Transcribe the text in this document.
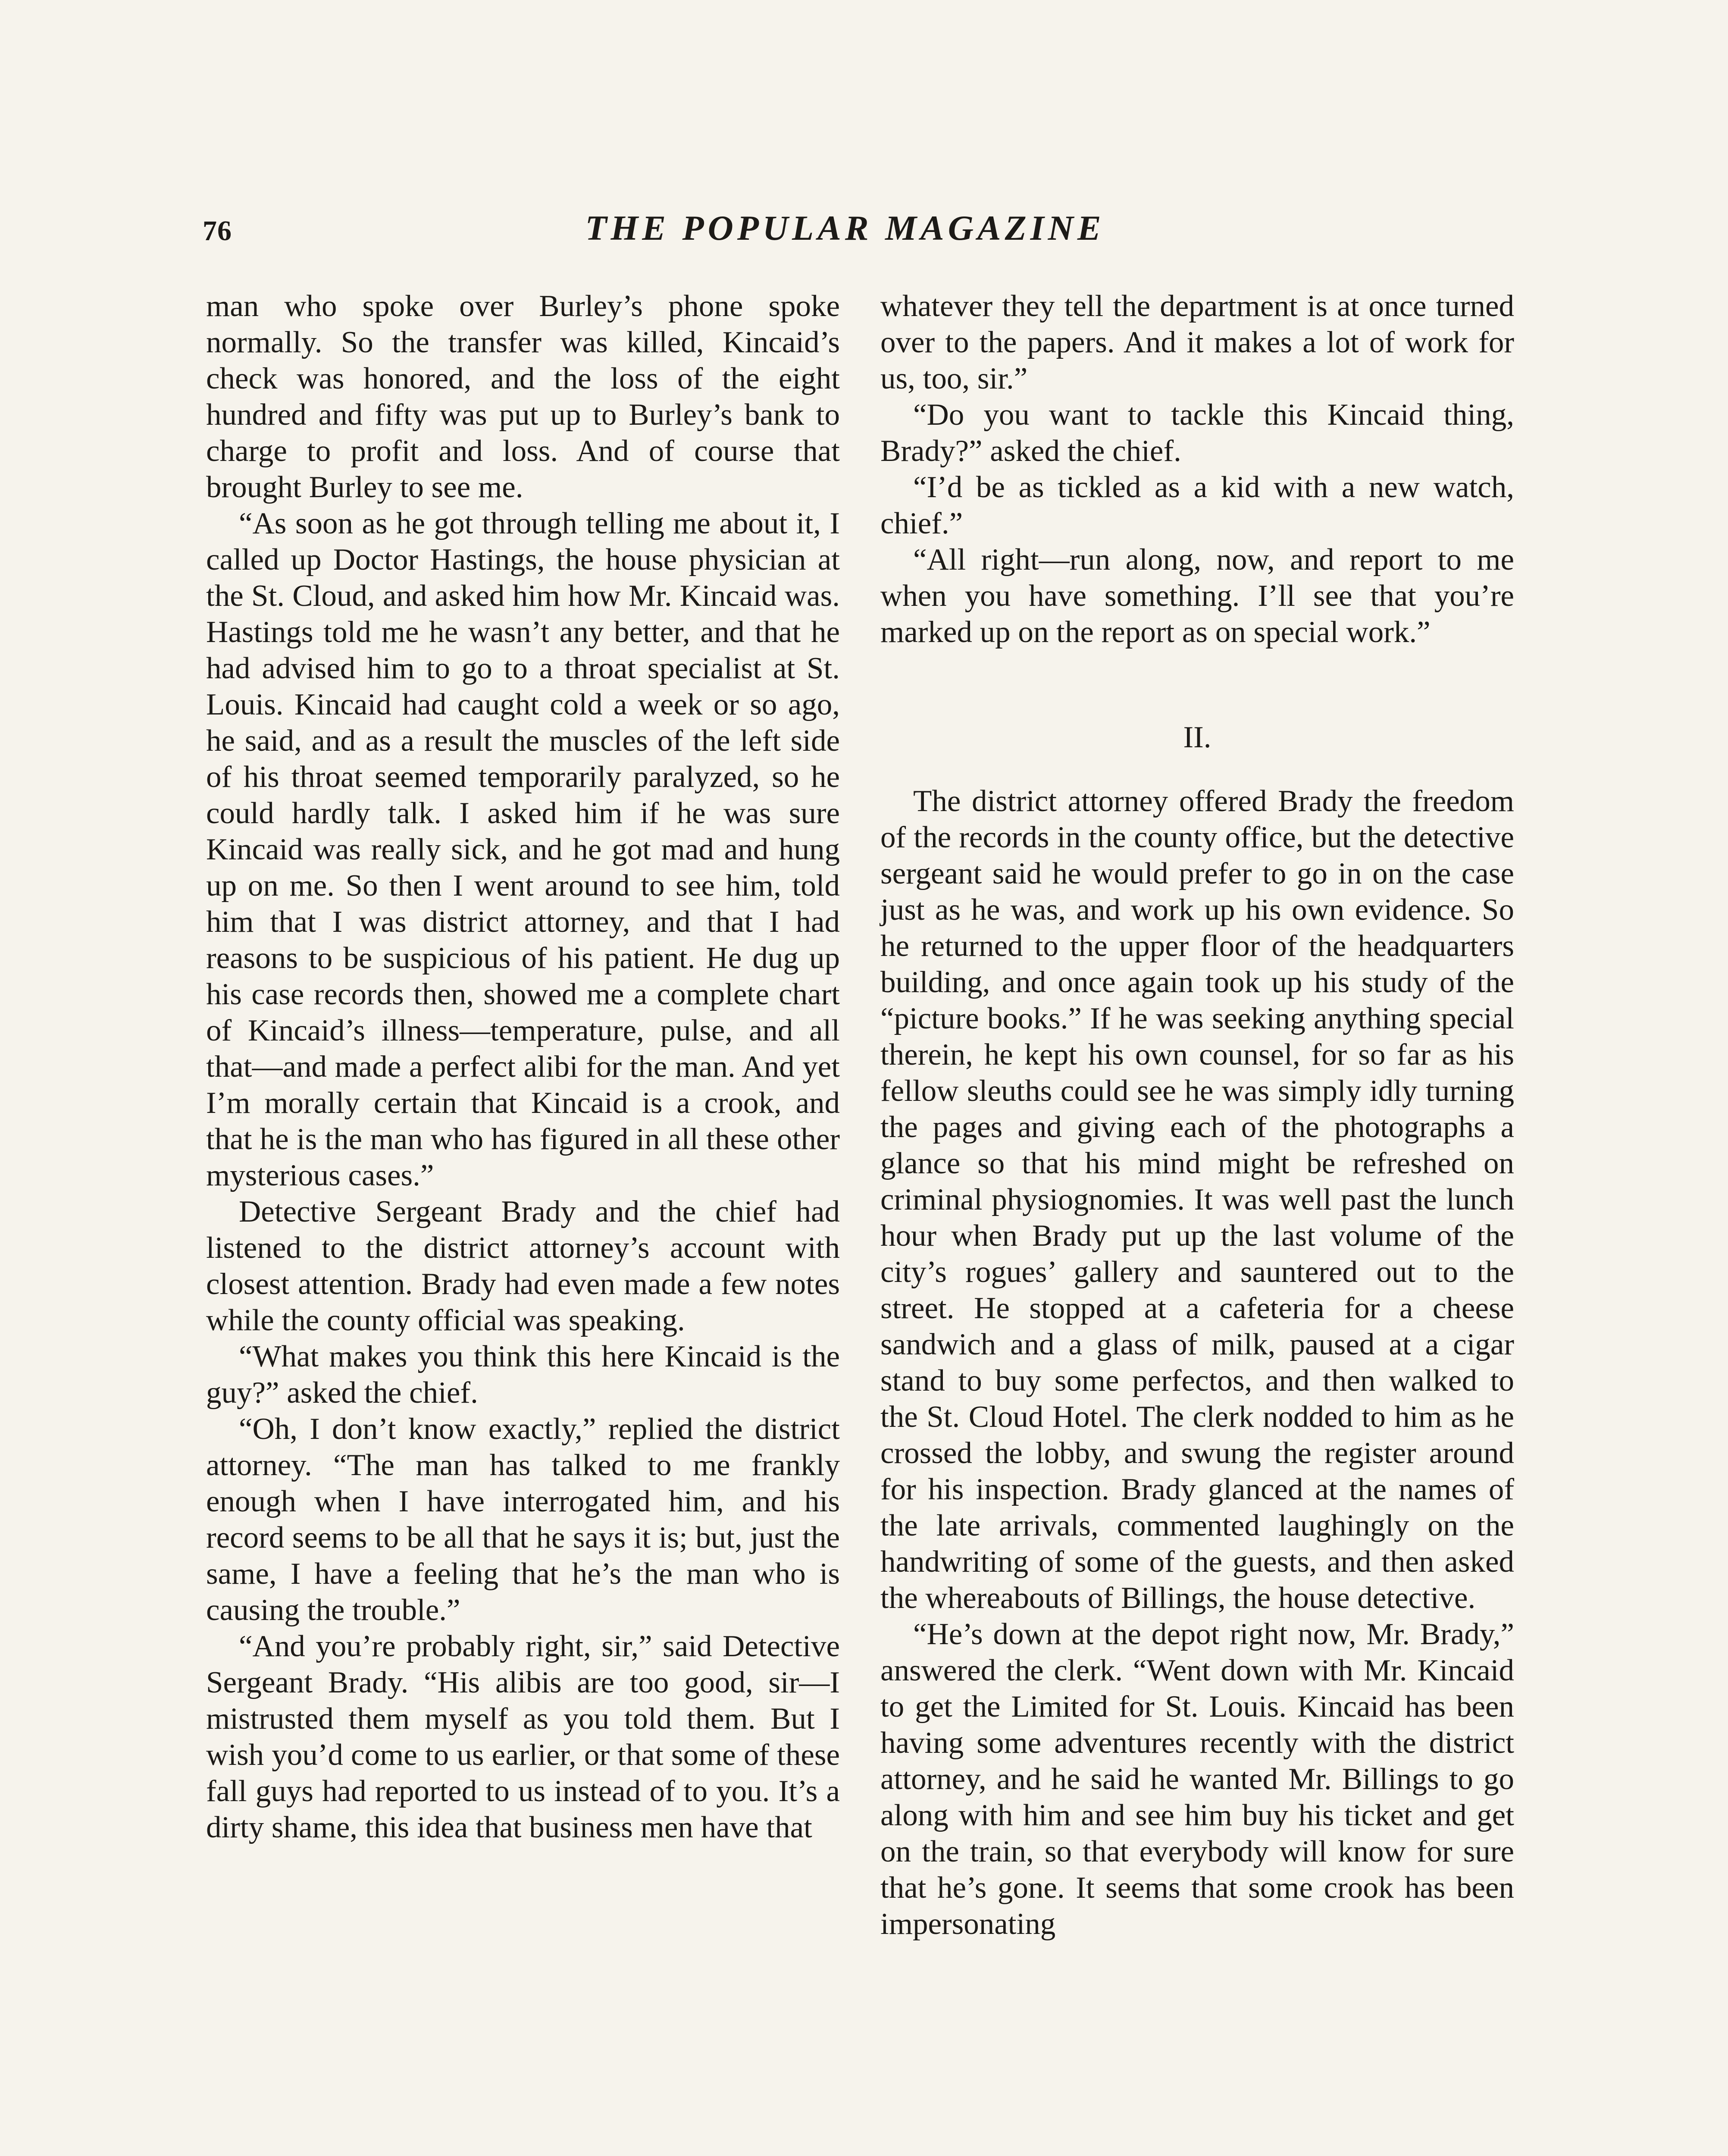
76	THE POPULAR MAGAZINE

man who spoke over Burley’s phone spoke normally. So the transfer was killed, Kincaid’s check was honored, and the loss of the eight hundred and fifty was put up to Burley’s bank to charge to profit and loss. And of course that brought Burley to see me.

“As soon as he got through telling me about it, I called up Doctor Hastings, the house physician at the St. Cloud, and asked him how Mr. Kincaid was. Hastings told me he wasn’t any better, and that he had advised him to go to a throat specialist at St. Louis. Kincaid had caught cold a week or so ago, he said, and as a result the muscles of the left side of his throat seemed temporarily paralyzed, so he could hardly talk. I asked him if he was sure Kincaid was really sick, and he got mad and hung up on me. So then I went around to see him, told him that I was district attorney, and that I had reasons to be suspicious of his patient. He dug up his case records then, showed me a complete chart of Kincaid’s illness—temperature, pulse, and all that—and made a perfect alibi for the man. And yet I’m morally certain that Kincaid is a crook, and that he is the man who has figured in all these other mysterious cases.”

Detective Sergeant Brady and the chief had listened to the district attorney’s account with closest attention. Brady had even made a few notes while the county official was speaking.

“What makes you think this here Kincaid is the guy?” asked the chief.

“Oh, I don’t know exactly,” replied the district attorney. “The man has talked to me frankly enough when I have interrogated him, and his record seems to be all that he says it is; but, just the same, I have a feeling that he’s the man who is causing the trouble.”

“And you’re probably right, sir,” said Detective Sergeant Brady. “His alibis are too good, sir—I mistrusted them myself as you told them. But I wish you’d come to us earlier, or that some of these fall guys had reported to us instead of to you. It’s a dirty shame, this idea that business men have that

whatever they tell the department is at once turned over to the papers. And it makes a lot of work for us, too, sir.”

“Do you want to tackle this Kincaid thing, Brady?” asked the chief.

“I’d be as tickled as a kid with a new watch, chief.”

“All right—run along, now, and report to me when you have something. I’ll see that you’re marked up on the report as on special work.”

II.

The district attorney offered Brady the freedom of the records in the county office, but the detective sergeant said he would prefer to go in on the case just as he was, and work up his own evidence. So he returned to the upper floor of the headquarters building, and once again took up his study of the “picture books.” If he was seeking anything special therein, he kept his own counsel, for so far as his fellow sleuths could see he was simply idly turning the pages and giving each of the photographs a glance so that his mind might be refreshed on criminal physiognomies. It was well past the lunch hour when Brady put up the last volume of the city’s rogues’ gallery and sauntered out to the street. He stopped at a cafeteria for a cheese sandwich and a glass of milk, paused at a cigar stand to buy some perfectos, and then walked to the St. Cloud Hotel. The clerk nodded to him as he crossed the lobby, and swung the register around for his inspection. Brady glanced at the names of the late arrivals, commented laughingly on the handwriting of some of the guests, and then asked the whereabouts of Billings, the house detective.

“He’s down at the depot right now, Mr. Brady,” answered the clerk. “Went down with Mr. Kincaid to get the Limited for St. Louis. Kincaid has been having some adventures recently with the district attorney, and he said he wanted Mr. Billings to go along with him and see him buy his ticket and get on the train, so that everybody will know for sure that he’s gone. It seems that some crook has been impersonating
